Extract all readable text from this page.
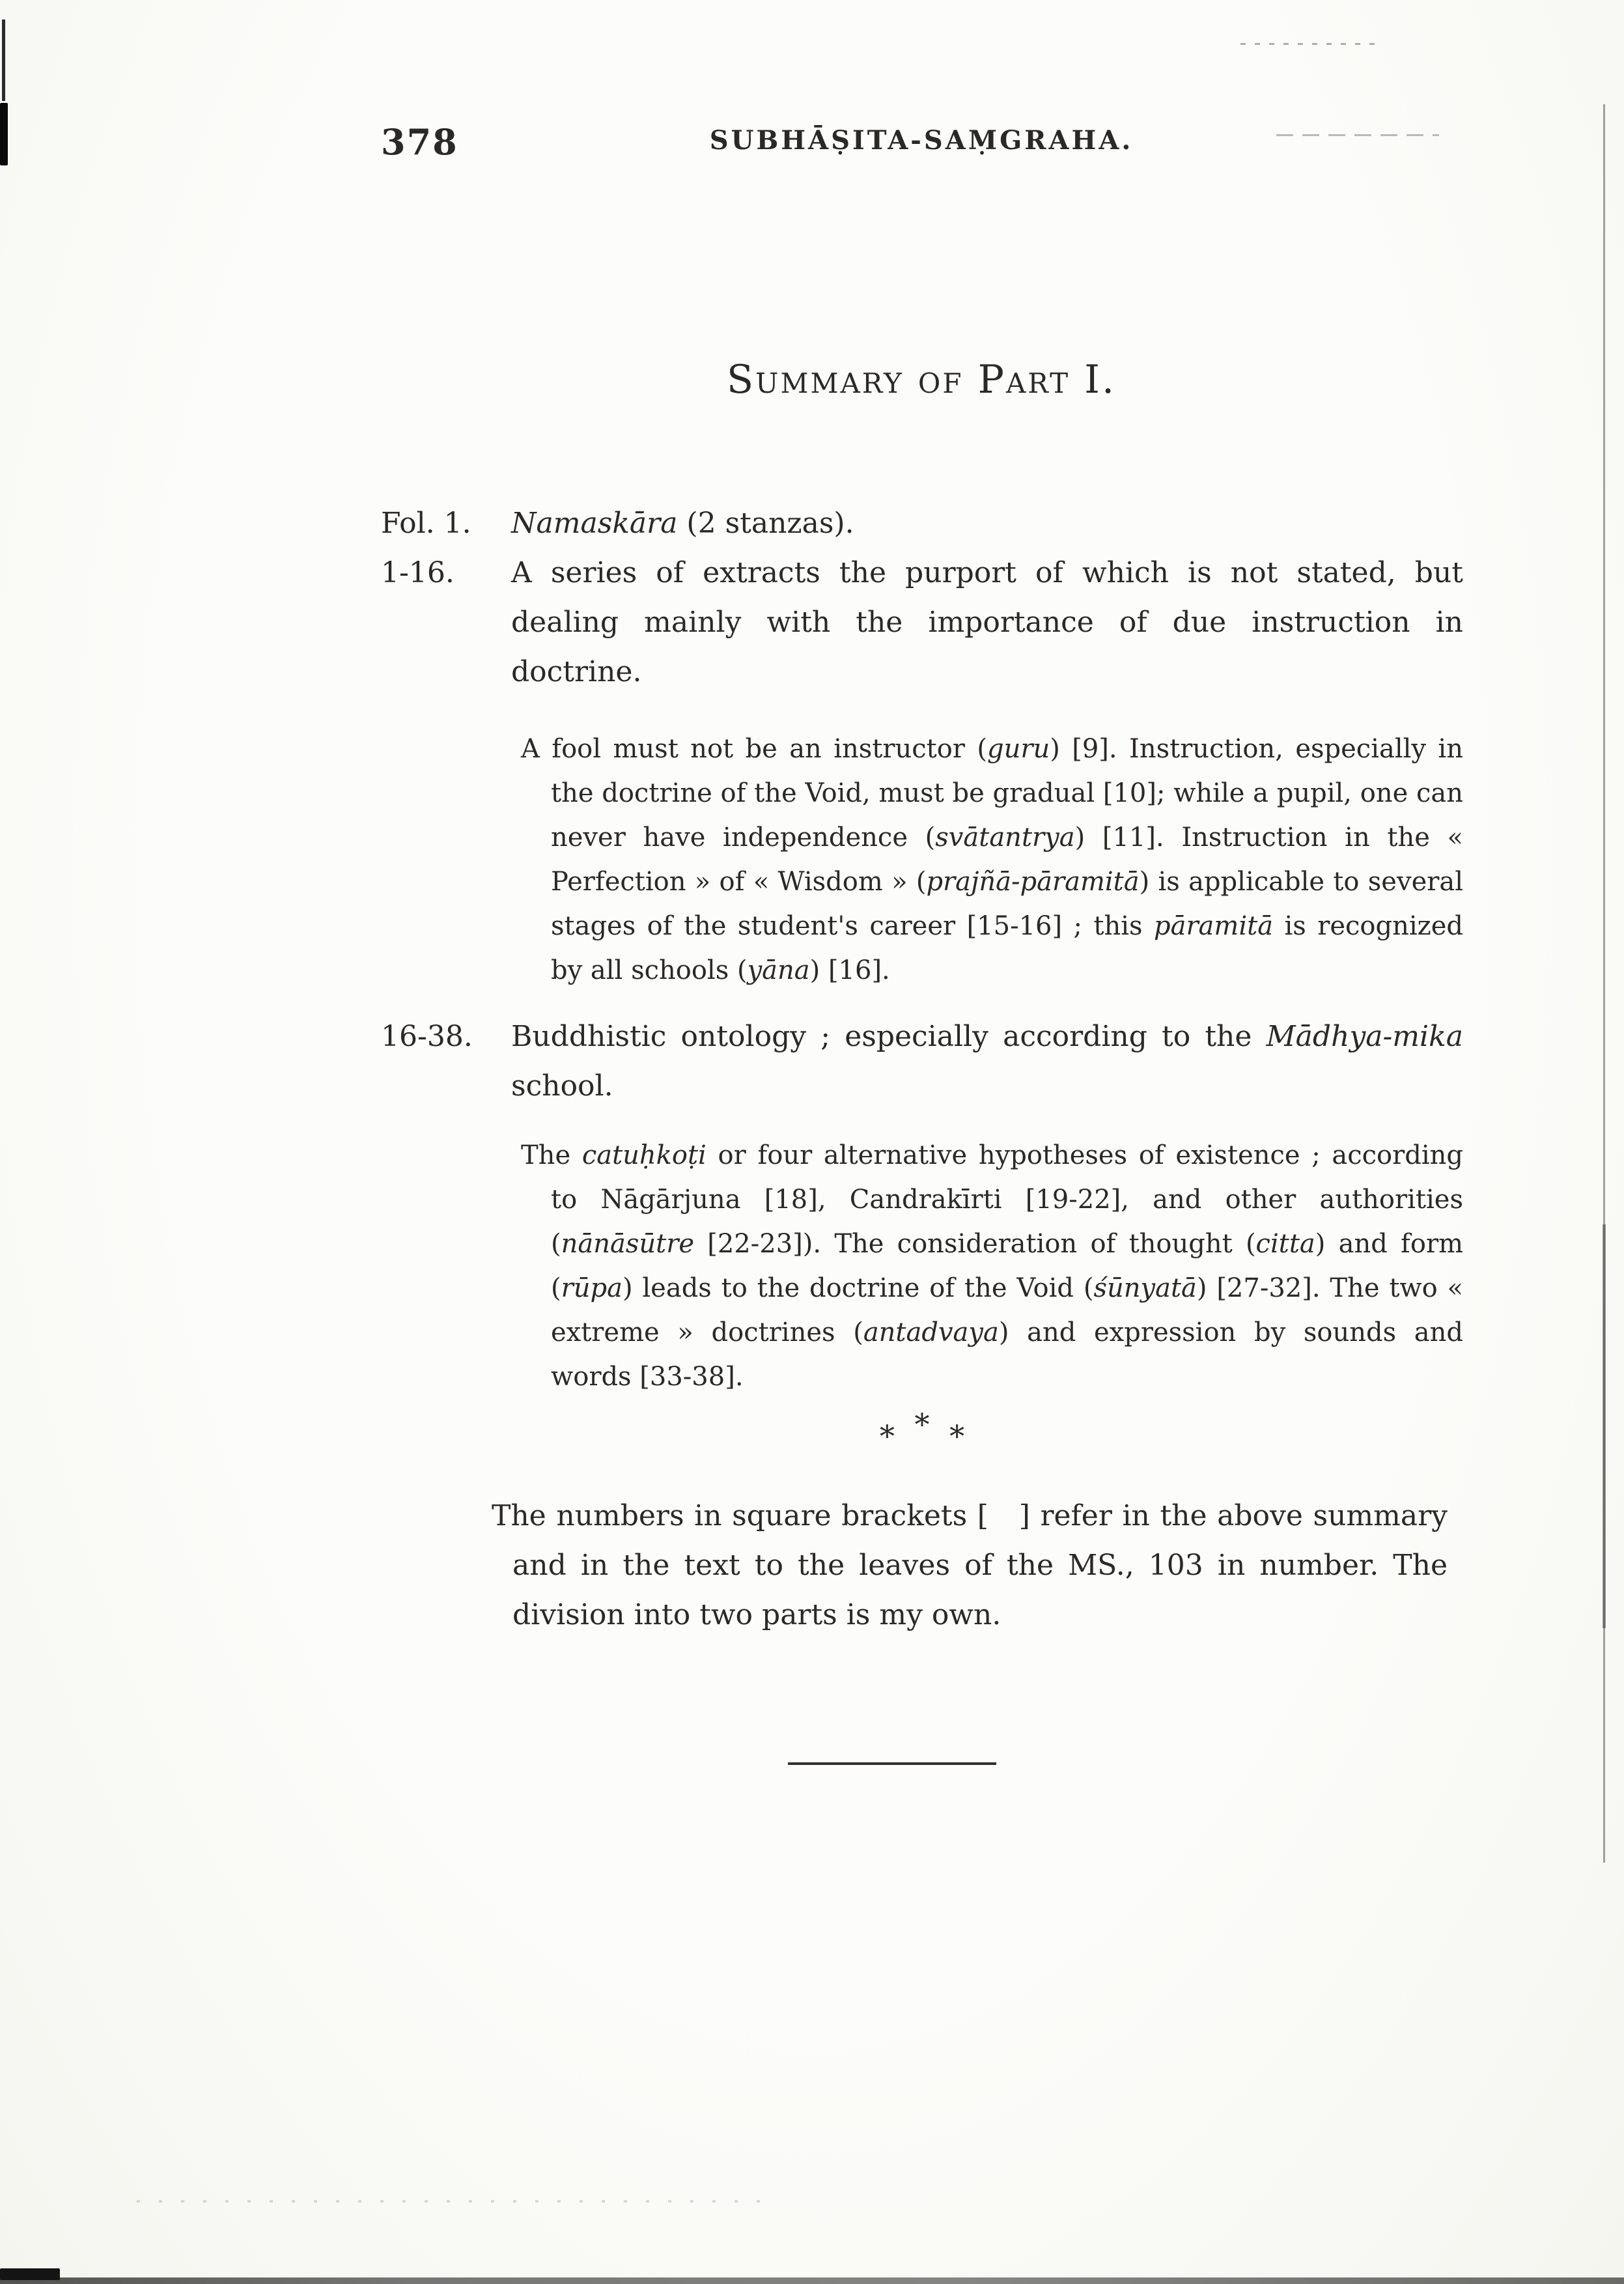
378	SUBHĀṢITA-SAṂGRAHA.
Summary of Part I.
Fol. 1.	Namaskāra (2 stanzas).
1-16.	A series of extracts the purport of which is not stated, but dealing mainly with the importance of due instruction in doctrine.
A fool must not be an instructor (guru) [9]. Instruction, especially in the doctrine of the Void, must be gradual [10]; while a pupil, one can never have independence (svātantrya) [11]. Instruction in the « Perfection » of « Wisdom » (prajñā-pāramitā) is applicable to several stages of the student's career [15-16] ; this pāramitā is recognized by all schools (yāna) [16].
16-38.	Buddhistic ontology ; especially according to the Mādhya-mika school.
The catuḥkoṭi or four alternative hypotheses of existence ; according to Nāgārjuna [18], Candrakīrti [19-22], and other authorities (nānāsūtre [22-23]). The consideration of thought (citta) and form (rūpa) leads to the doctrine of the Void (śūnyatā) [27-32]. The two « extreme » doctrines (antadvaya) and expression by sounds and words [33-38].
* * *
The numbers in square brackets [   ] refer in the above summary and in the text to the leaves of the MS., 103 in number. The division into two parts is my own.
